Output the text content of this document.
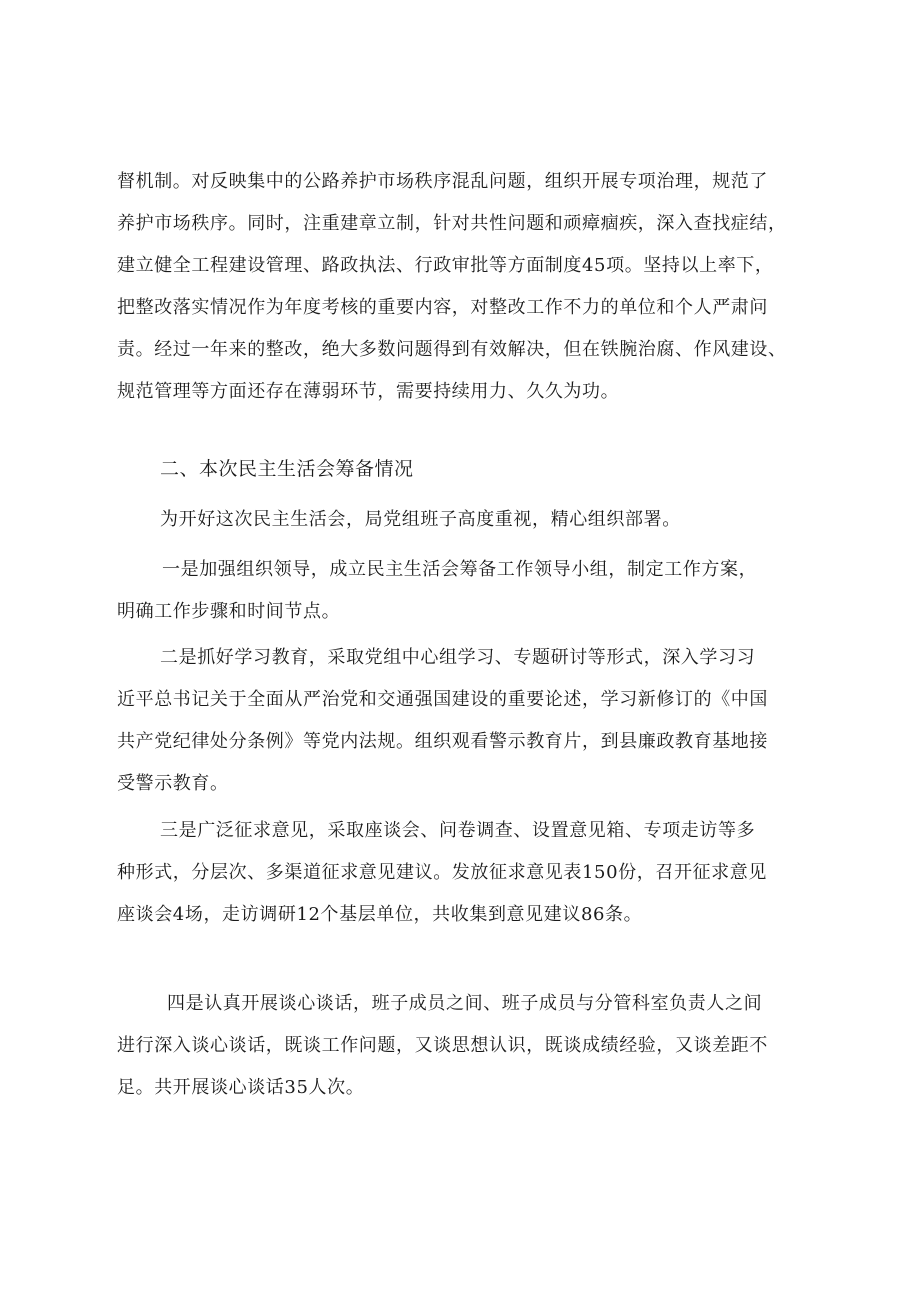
督机制。对反映集中的公路养护市场秩序混乱问题，组织开展专项治理，规范了
养护市场秩序。同时，注重建章立制，针对共性问题和顽瘴痼疾，深入查找症结，
建立健全工程建设管理、路政执法、行政审批等方面制度45项。坚持以上率下，
把整改落实情况作为年度考核的重要内容，对整改工作不力的单位和个人严肃问
责。经过一年来的整改，绝大多数问题得到有效解决，但在铁腕治腐、作风建设、
规范管理等方面还存在薄弱环节，需要持续用力、久久为功。

二、本次民主生活会筹备情况

为开好这次民主生活会，局党组班子高度重视，精心组织部署。

一是加强组织领导，成立民主生活会筹备工作领导小组，制定工作方案，
明确工作步骤和时间节点。

二是抓好学习教育，采取党组中心组学习、专题研讨等形式，深入学习习
近平总书记关于全面从严治党和交通强国建设的重要论述，学习新修订的《中国
共产党纪律处分条例》等党内法规。组织观看警示教育片，到县廉政教育基地接
受警示教育。

三是广泛征求意见，采取座谈会、问卷调查、设置意见箱、专项走访等多
种形式，分层次、多渠道征求意见建议。发放征求意见表150份，召开征求意见
座谈会4场，走访调研12个基层单位，共收集到意见建议86条。

四是认真开展谈心谈话，班子成员之间、班子成员与分管科室负责人之间
进行深入谈心谈话，既谈工作问题，又谈思想认识，既谈成绩经验，又谈差距不
足。共开展谈心谈话35人次。
